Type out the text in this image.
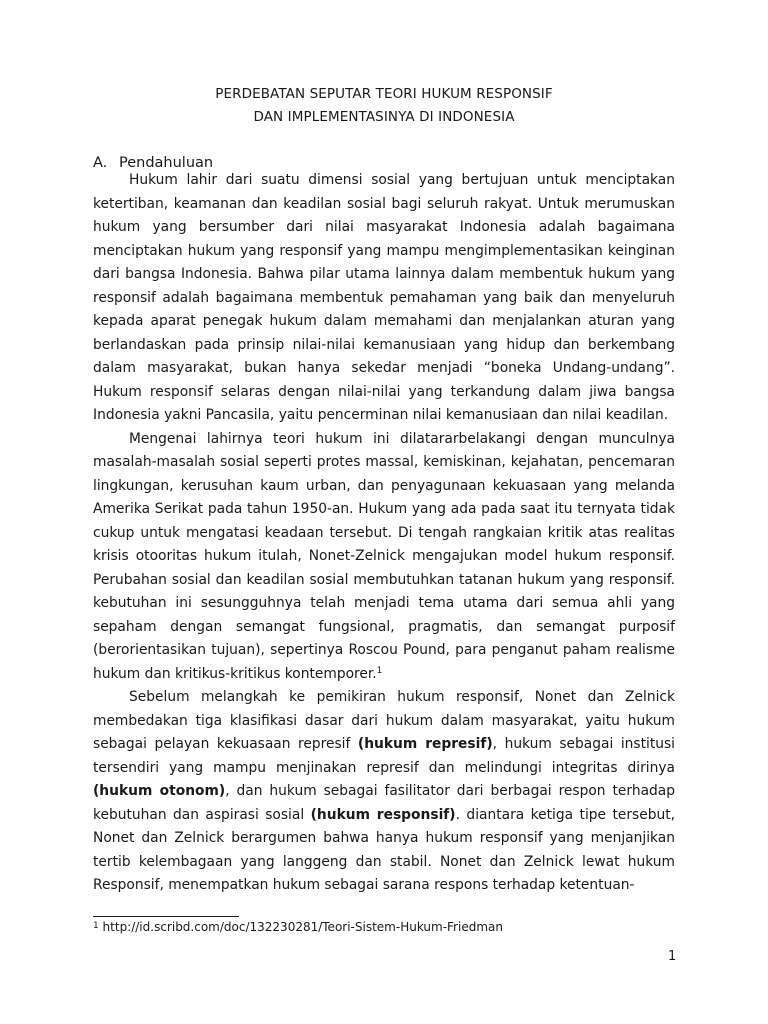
PERDEBATAN SEPUTAR TEORI HUKUM RESPONSIF
DAN IMPLEMENTASINYA DI INDONESIA
A. Pendahuluan

Hukum lahir dari suatu dimensi sosial yang bertujuan untuk menciptakan ketertiban, keamanan dan keadilan sosial bagi seluruh rakyat. Untuk merumuskan hukum yang bersumber dari nilai masyarakat Indonesia adalah bagaimana menciptakan hukum yang responsif yang mampu mengimplementasikan keinginan dari bangsa Indonesia. Bahwa pilar utama lainnya dalam membentuk hukum yang responsif adalah bagaimana membentuk pemahaman yang baik dan menyeluruh kepada aparat penegak hukum dalam memahami dan menjalankan aturan yang berlandaskan pada prinsip nilai-nilai kemanusiaan yang hidup dan berkembang dalam masyarakat, bukan hanya sekedar menjadi “boneka Undang-undang”. Hukum responsif selaras dengan nilai-nilai yang terkandung dalam jiwa bangsa Indonesia yakni Pancasila, yaitu pencerminan nilai kemanusiaan dan nilai keadilan.

Mengenai lahirnya teori hukum ini dilatararbelakangi dengan munculnya masalah-masalah sosial seperti protes massal, kemiskinan, kejahatan, pencemaran lingkungan, kerusuhan kaum urban, dan penyagunaan kekuasaan yang melanda Amerika Serikat pada tahun 1950-an. Hukum yang ada pada saat itu ternyata tidak cukup untuk mengatasi keadaan tersebut. Di tengah rangkaian kritik atas realitas krisis otooritas hukum itulah, Nonet-Zelnick mengajukan model hukum responsif. Perubahan sosial dan keadilan sosial membutuhkan tatanan hukum yang responsif. kebutuhan ini sesungguhnya telah menjadi tema utama dari semua ahli yang sepaham dengan semangat fungsional, pragmatis, dan semangat purposif (berorientasikan tujuan), sepertinya Roscou Pound, para penganut paham realisme hukum dan kritikus-kritikus kontemporer.$^1$

Sebelum melangkah ke pemikiran hukum responsif, Nonet dan Zelnick membedakan tiga klasifikasi dasar dari hukum dalam masyarakat, yaitu hukum sebagai pelayan kekuasaan represif (hukum represif), hukum sebagai institusi tersendiri yang mampu menjinakan represif dan melindungi integritas dirinya (hukum otonom), dan hukum sebagai fasilitator dari berbagai respon terhadap kebutuhan dan aspirasi sosial (hukum responsif). diantara ketiga tipe tersebut, Nonet dan Zelnick berargumen bahwa hanya hukum responsif yang menjanjikan tertib kelembagaan yang langgeng dan stabil. Nonet dan Zelnick lewat hukum Responsif, menempatkan hukum sebagai sarana respons terhadap ketentuan-

$^1$ http://id.scribd.com/doc/132230281/Teori-Sistem-Hukum-Friedman
1
